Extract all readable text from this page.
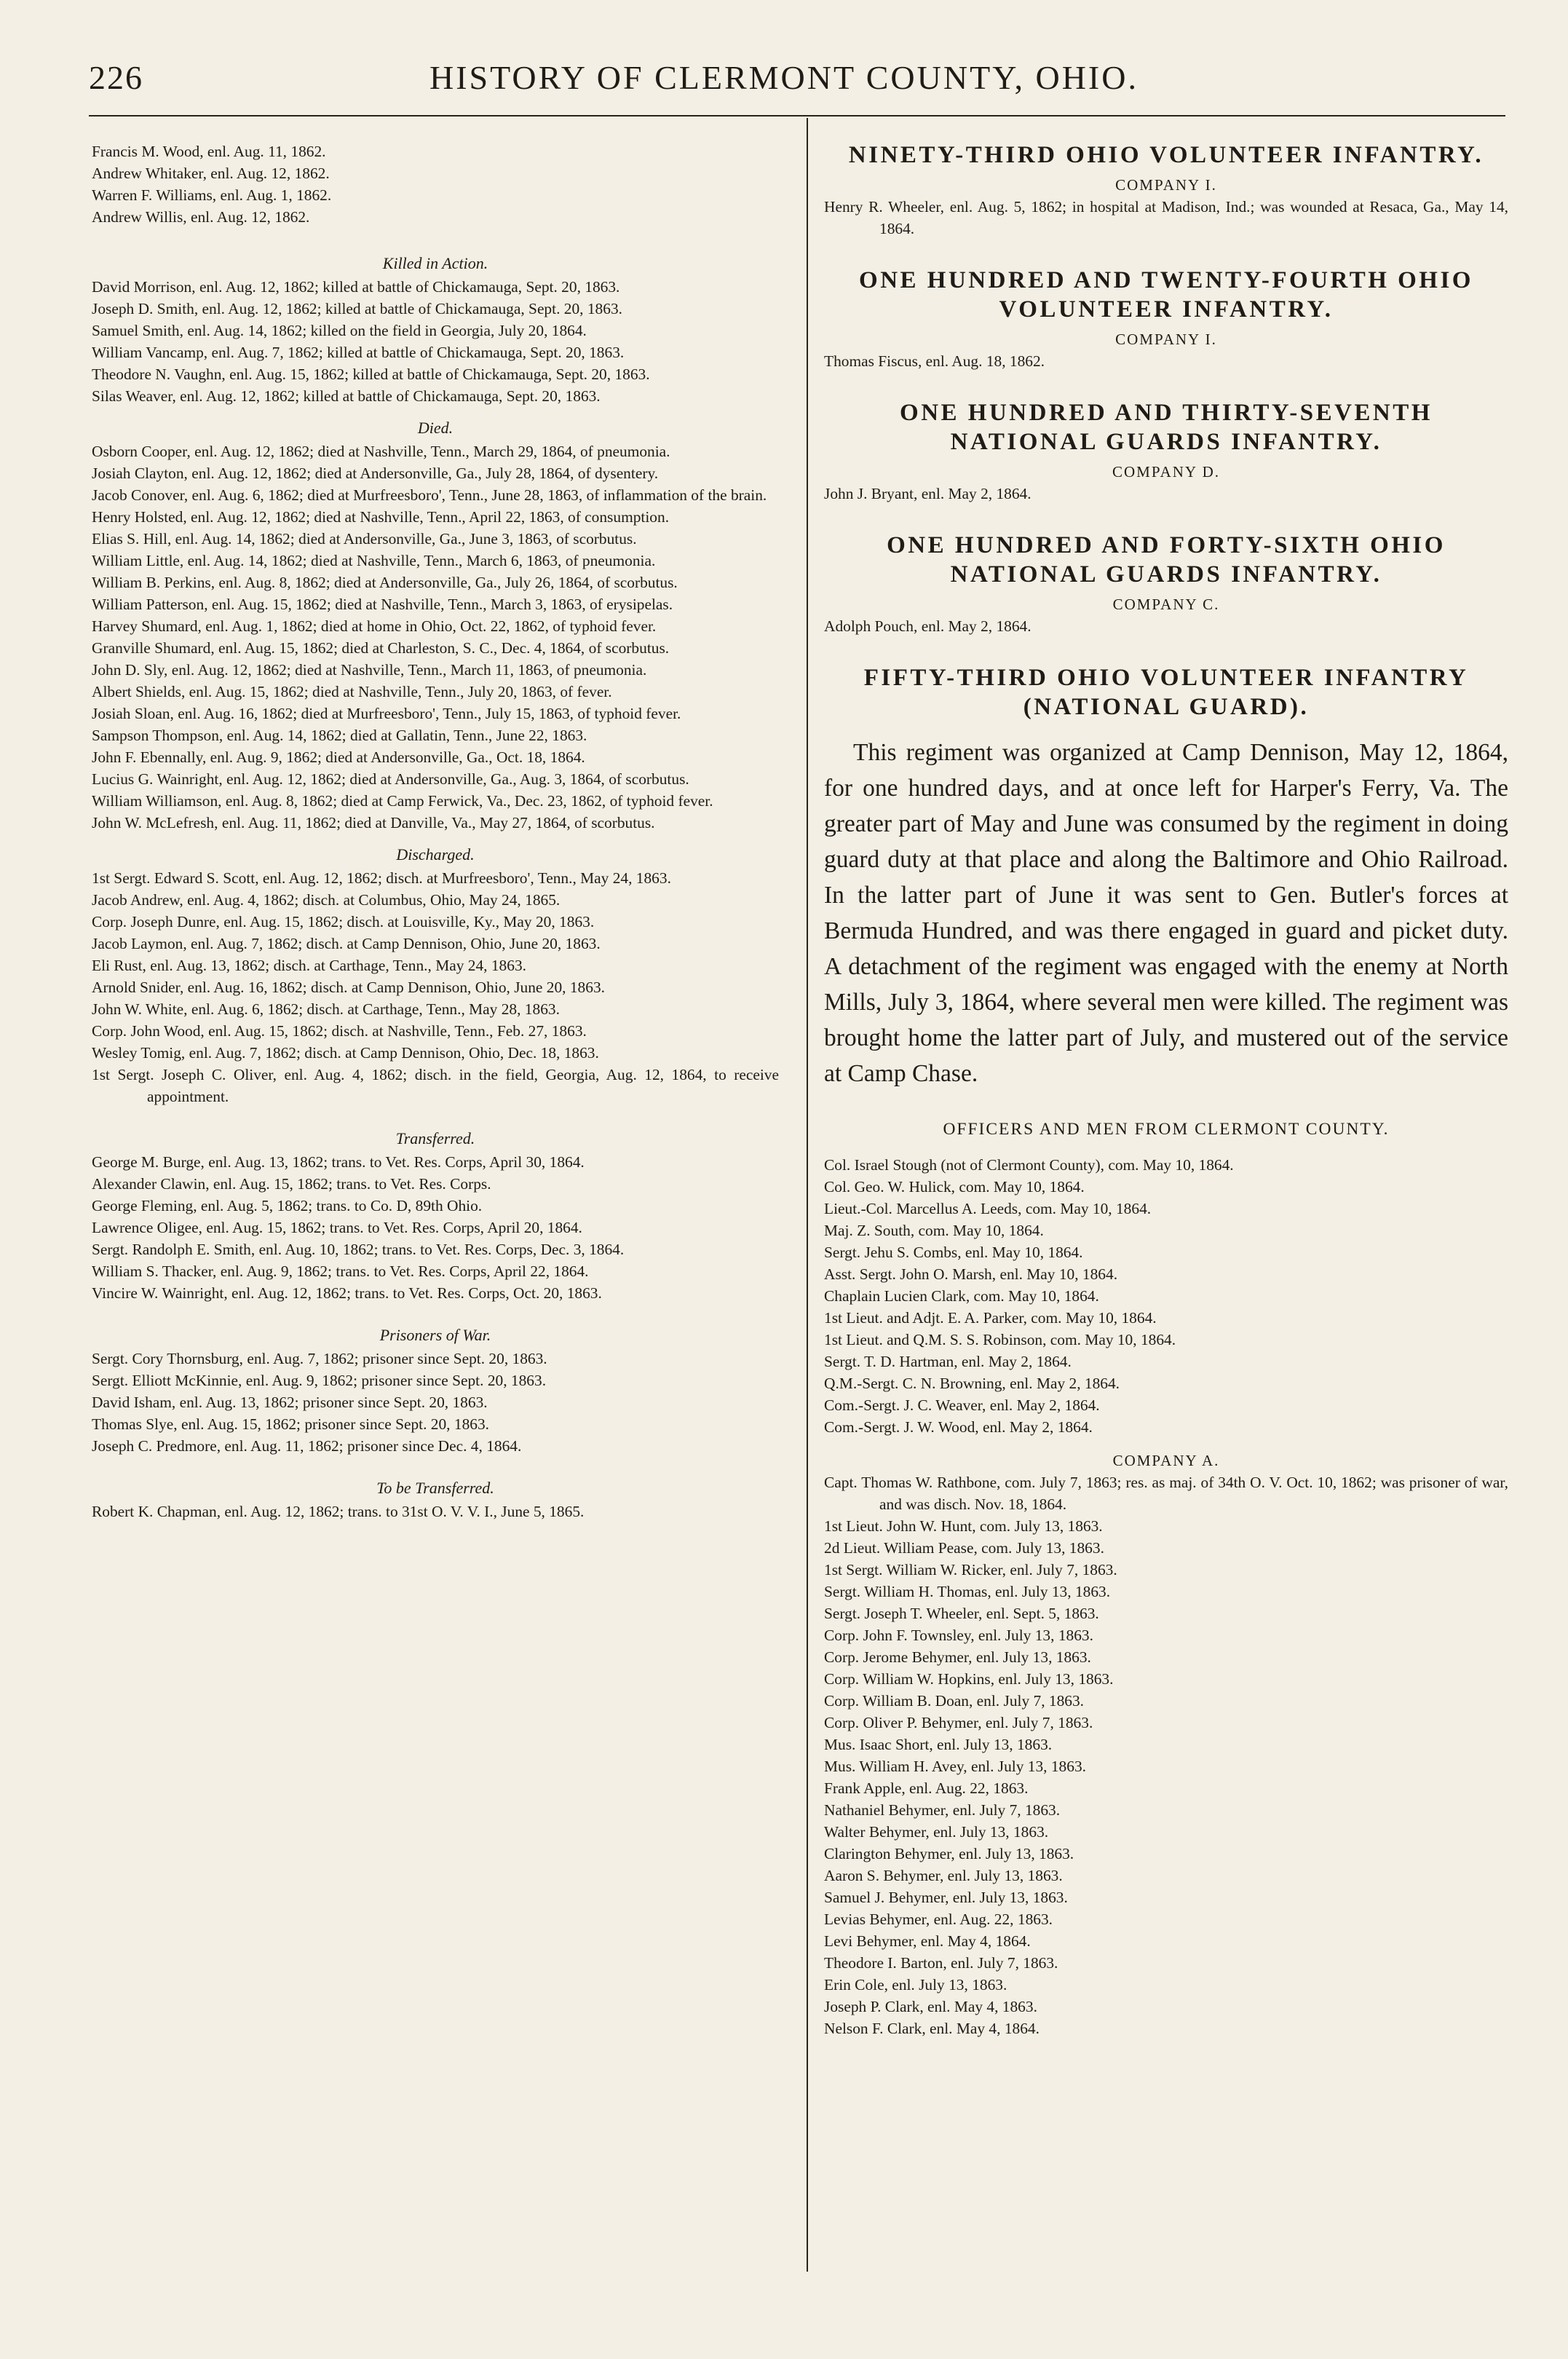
226	HISTORY OF CLERMONT COUNTY, OHIO.

Francis M. Wood, enl. Aug. 11, 1862.

Andrew Whitaker, enl. Aug. 12, 1862.

Warren F. Williams, enl. Aug. 1, 1862.

Andrew Willis, enl. Aug. 12, 1862.

Killed in Action.

David Morrison, enl. Aug. 12, 1862; killed at battle of Chickamauga, Sept. 20, 1863.

Joseph D. Smith, enl. Aug. 12, 1862; killed at battle of Chickamauga, Sept. 20, 1863.

Samuel Smith, enl. Aug. 14, 1862; killed on the field in Georgia, July 20, 1864.

William Vancamp, enl. Aug. 7, 1862; killed at battle of Chickamauga, Sept. 20, 1863.

Theodore N. Vaughn, enl. Aug. 15, 1862; killed at battle of Chickamauga, Sept. 20, 1863.

Silas Weaver, enl. Aug. 12, 1862; killed at battle of Chickamauga, Sept. 20, 1863.

Died.

Osborn Cooper, enl. Aug. 12, 1862; died at Nashville, Tenn., March 29, 1864, of pneumonia.

Josiah Clayton, enl. Aug. 12, 1862; died at Andersonville, Ga., July 28, 1864, of dysentery.

Jacob Conover, enl. Aug. 6, 1862; died at Murfreesboro', Tenn., June 28, 1863, of inflammation of the brain.

Henry Holsted, enl. Aug. 12, 1862; died at Nashville, Tenn., April 22, 1863, of consumption.

Elias S. Hill, enl. Aug. 14, 1862; died at Andersonville, Ga., June 3, 1863, of scorbutus.

William Little, enl. Aug. 14, 1862; died at Nashville, Tenn., March 6, 1863, of pneumonia.

William B. Perkins, enl. Aug. 8, 1862; died at Andersonville, Ga., July 26, 1864, of scorbutus.

William Patterson, enl. Aug. 15, 1862; died at Nashville, Tenn., March 3, 1863, of erysipelas.

Harvey Shumard, enl. Aug. 1, 1862; died at home in Ohio, Oct. 22, 1862, of typhoid fever.

Granville Shumard, enl. Aug. 15, 1862; died at Charleston, S. C., Dec. 4, 1864, of scorbutus.

John D. Sly, enl. Aug. 12, 1862; died at Nashville, Tenn., March 11, 1863, of pneumonia.

Albert Shields, enl. Aug. 15, 1862; died at Nashville, Tenn., July 20, 1863, of fever.

Josiah Sloan, enl. Aug. 16, 1862; died at Murfreesboro', Tenn., July 15, 1863, of typhoid fever.

Sampson Thompson, enl. Aug. 14, 1862; died at Gallatin, Tenn., June 22, 1863.

John F. Ebennally, enl. Aug. 9, 1862; died at Andersonville, Ga., Oct. 18, 1864.

Lucius G. Wainright, enl. Aug. 12, 1862; died at Andersonville, Ga., Aug. 3, 1864, of scorbutus.

William Williamson, enl. Aug. 8, 1862; died at Camp Ferwick, Va., Dec. 23, 1862, of typhoid fever.

John W. McLefresh, enl. Aug. 11, 1862; died at Danville, Va., May 27, 1864, of scorbutus.

Discharged.

1st Sergt. Edward S. Scott, enl. Aug. 12, 1862; disch. at Murfreesboro', Tenn., May 24, 1863.

Jacob Andrew, enl. Aug. 4, 1862; disch. at Columbus, Ohio, May 24, 1865.

Corp. Joseph Dunre, enl. Aug. 15, 1862; disch. at Louisville, Ky., May 20, 1863.

Jacob Laymon, enl. Aug. 7, 1862; disch. at Camp Dennison, Ohio, June 20, 1863.

Eli Rust, enl. Aug. 13, 1862; disch. at Carthage, Tenn., May 24, 1863.

Arnold Snider, enl. Aug. 16, 1862; disch. at Camp Dennison, Ohio, June 20, 1863.

John W. White, enl. Aug. 6, 1862; disch. at Carthage, Tenn., May 28, 1863.

Corp. John Wood, enl. Aug. 15, 1862; disch. at Nashville, Tenn., Feb. 27, 1863.

Wesley Tomig, enl. Aug. 7, 1862; disch. at Camp Dennison, Ohio, Dec. 18, 1863.

1st Sergt. Joseph C. Oliver, enl. Aug. 4, 1862; disch. in the field, Georgia, Aug. 12, 1864, to receive appointment.

Transferred.

George M. Burge, enl. Aug. 13, 1862; trans. to Vet. Res. Corps, April 30, 1864.

Alexander Clawin, enl. Aug. 15, 1862; trans. to Vet. Res. Corps.

George Fleming, enl. Aug. 5, 1862; trans. to Co. D, 89th Ohio.

Lawrence Oligee, enl. Aug. 15, 1862; trans. to Vet. Res. Corps, April 20, 1864.

Sergt. Randolph E. Smith, enl. Aug. 10, 1862; trans. to Vet. Res. Corps, Dec. 3, 1864.

William S. Thacker, enl. Aug. 9, 1862; trans. to Vet. Res. Corps, April 22, 1864.

Vincire W. Wainright, enl. Aug. 12, 1862; trans. to Vet. Res. Corps, Oct. 20, 1863.

Prisoners of War.

Sergt. Cory Thornsburg, enl. Aug. 7, 1862; prisoner since Sept. 20, 1863.

Sergt. Elliott McKinnie, enl. Aug. 9, 1862; prisoner since Sept. 20, 1863.

David Isham, enl. Aug. 13, 1862; prisoner since Sept. 20, 1863.

Thomas Slye, enl. Aug. 15, 1862; prisoner since Sept. 20, 1863.

Joseph C. Predmore, enl. Aug. 11, 1862; prisoner since Dec. 4, 1864.

To be Transferred.

Robert K. Chapman, enl. Aug. 12, 1862; trans. to 31st O. V. V. I., June 5, 1865.

NINETY-THIRD OHIO VOLUNTEER INFANTRY.
COMPANY I.

Henry R. Wheeler, enl. Aug. 5, 1862; in hospital at Madison, Ind.; was wounded at Resaca, Ga., May 14, 1864.

ONE HUNDRED AND TWENTY-FOURTH OHIO VOLUNTEER INFANTRY.
COMPANY I.

Thomas Fiscus, enl. Aug. 18, 1862.

ONE HUNDRED AND THIRTY-SEVENTH NATIONAL GUARDS INFANTRY.
COMPANY D.

John J. Bryant, enl. May 2, 1864.

ONE HUNDRED AND FORTY-SIXTH OHIO NATIONAL GUARDS INFANTRY.
COMPANY C.

Adolph Pouch, enl. May 2, 1864.

FIFTY-THIRD OHIO VOLUNTEER INFANTRY (NATIONAL GUARD).

This regiment was organized at Camp Dennison, May 12, 1864, for one hundred days, and at once left for Harper's Ferry, Va. The greater part of May and June was consumed by the regiment in doing guard duty at that place and along the Baltimore and Ohio Railroad. In the latter part of June it was sent to Gen. Butler's forces at Bermuda Hundred, and was there engaged in guard and picket duty. A detachment of the regiment was engaged with the enemy at North Mills, July 3, 1864, where several men were killed. The regiment was brought home the latter part of July, and mustered out of the service at Camp Chase.

OFFICERS AND MEN FROM CLERMONT COUNTY.

Col. Israel Stough (not of Clermont County), com. May 10, 1864.

Col. Geo. W. Hulick, com. May 10, 1864.

Lieut.-Col. Marcellus A. Leeds, com. May 10, 1864.

Maj. Z. South, com. May 10, 1864.

Sergt. Jehu S. Combs, enl. May 10, 1864.

Asst. Sergt. John O. Marsh, enl. May 10, 1864.

Chaplain Lucien Clark, com. May 10, 1864.

1st Lieut. and Adjt. E. A. Parker, com. May 10, 1864.

1st Lieut. and Q.M. S. S. Robinson, com. May 10, 1864.

Sergt. T. D. Hartman, enl. May 2, 1864.

Q.M.-Sergt. C. N. Browning, enl. May 2, 1864.

Com.-Sergt. J. C. Weaver, enl. May 2, 1864.

Com.-Sergt. J. W. Wood, enl. May 2, 1864.

COMPANY A.

Capt. Thomas W. Rathbone, com. July 7, 1863; res. as maj. of 34th O. V. Oct. 10, 1862; was prisoner of war, and was disch. Nov. 18, 1864.

1st Lieut. John W. Hunt, com. July 13, 1863.

2d Lieut. William Pease, com. July 13, 1863.

1st Sergt. William W. Ricker, enl. July 7, 1863.

Sergt. William H. Thomas, enl. July 13, 1863.

Sergt. Joseph T. Wheeler, enl. Sept. 5, 1863.

Corp. John F. Townsley, enl. July 13, 1863.

Corp. Jerome Behymer, enl. July 13, 1863.

Corp. William W. Hopkins, enl. July 13, 1863.

Corp. William B. Doan, enl. July 7, 1863.

Corp. Oliver P. Behymer, enl. July 7, 1863.

Mus. Isaac Short, enl. July 13, 1863.

Mus. William H. Avey, enl. July 13, 1863.

Frank Apple, enl. Aug. 22, 1863.

Nathaniel Behymer, enl. July 7, 1863.

Walter Behymer, enl. July 13, 1863.

Clarington Behymer, enl. July 13, 1863.

Aaron S. Behymer, enl. July 13, 1863.

Samuel J. Behymer, enl. July 13, 1863.

Levias Behymer, enl. Aug. 22, 1863.

Levi Behymer, enl. May 4, 1864.

Theodore I. Barton, enl. July 7, 1863.

Erin Cole, enl. July 13, 1863.

Joseph P. Clark, enl. May 4, 1863.

Nelson F. Clark, enl. May 4, 1864.
